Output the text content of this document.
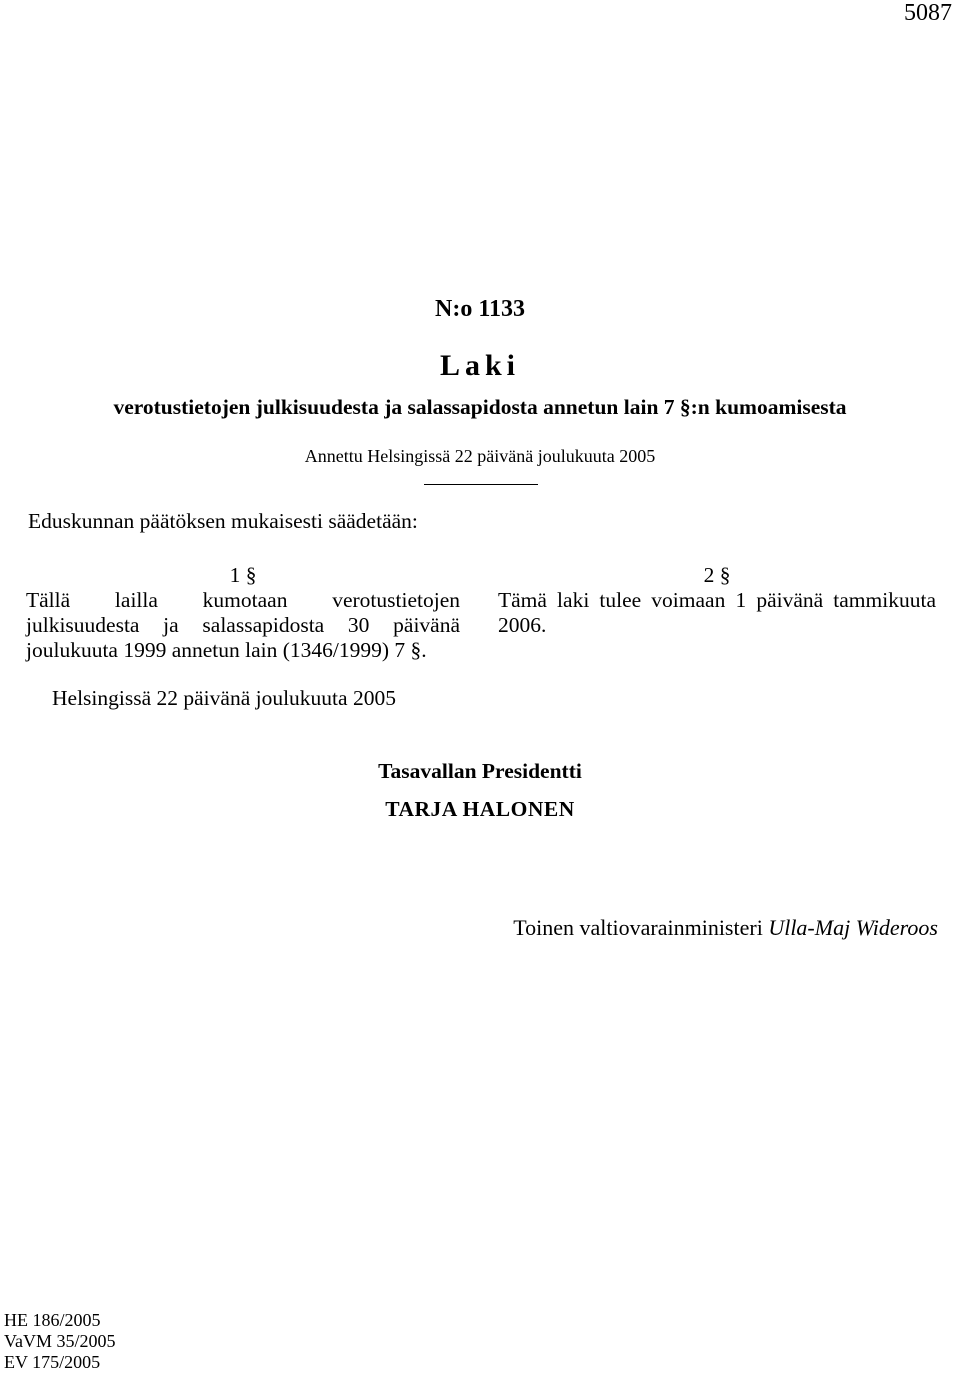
5087
N:o 1133
Laki
verotustietojen julkisuudesta ja salassapidosta annetun lain 7 §:n kumoamisesta
Annettu Helsingissä 22 päivänä joulukuuta 2005
Eduskunnan päätöksen mukaisesti säädetään:
1 §
Tällä lailla kumotaan verotustietojen julkisuudesta ja salassapidosta 30 päivänä joulukuuta 1999 annetun lain (1346/1999) 7 §.
2 §
Tämä laki tulee voimaan 1 päivänä tammikuuta 2006.
Helsingissä 22 päivänä joulukuuta 2005
Tasavallan Presidentti
TARJA HALONEN
Toinen valtiovarainministeri Ulla-Maj Wideroos
HE 186/2005
VaVM 35/2005
EV 175/2005
